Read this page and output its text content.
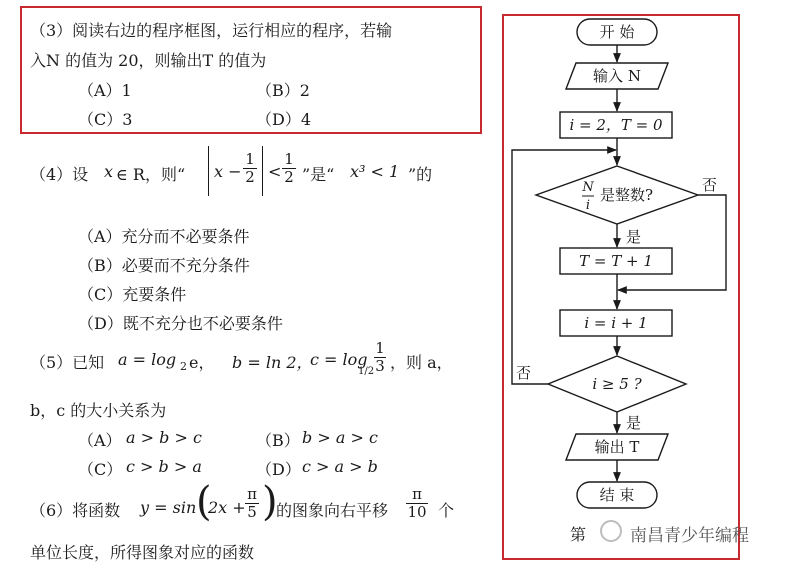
（3）阅读右边的程序框图，运行相应的程序，若输
入N 的值为 20，则输出T 的值为
（A）1	（B）2
（C）3	（D）4
（4）设 x ∈ R，则“ x −
1
2 <
1
2 ”是“ x³ < 1 ”的
（A）充分而不必要条件
（B）必要而不充分条件
（C）充要条件
（D）既不充分也不必要条件
（5）已知 a = log 2 e， b = ln 2，
c = log
1/2
1
3 ，则 a，
b，c 的大小关系为
（A） a > b > c	（B） b > a > c
（C） c > b > a	（D） c > a > b
（6）将函数 y = sin (
2x +
π
5 )
的图象向右平移
π
10 个
单位长度，所得图象对应的函数
开 始
输入 N
i = 2，T = 0
N
i
是整数?
否
是
T = T + 1
i = i + 1
i ≥ 5 ?
否
是
输出 T
结 束
第	南昌青少年编程
